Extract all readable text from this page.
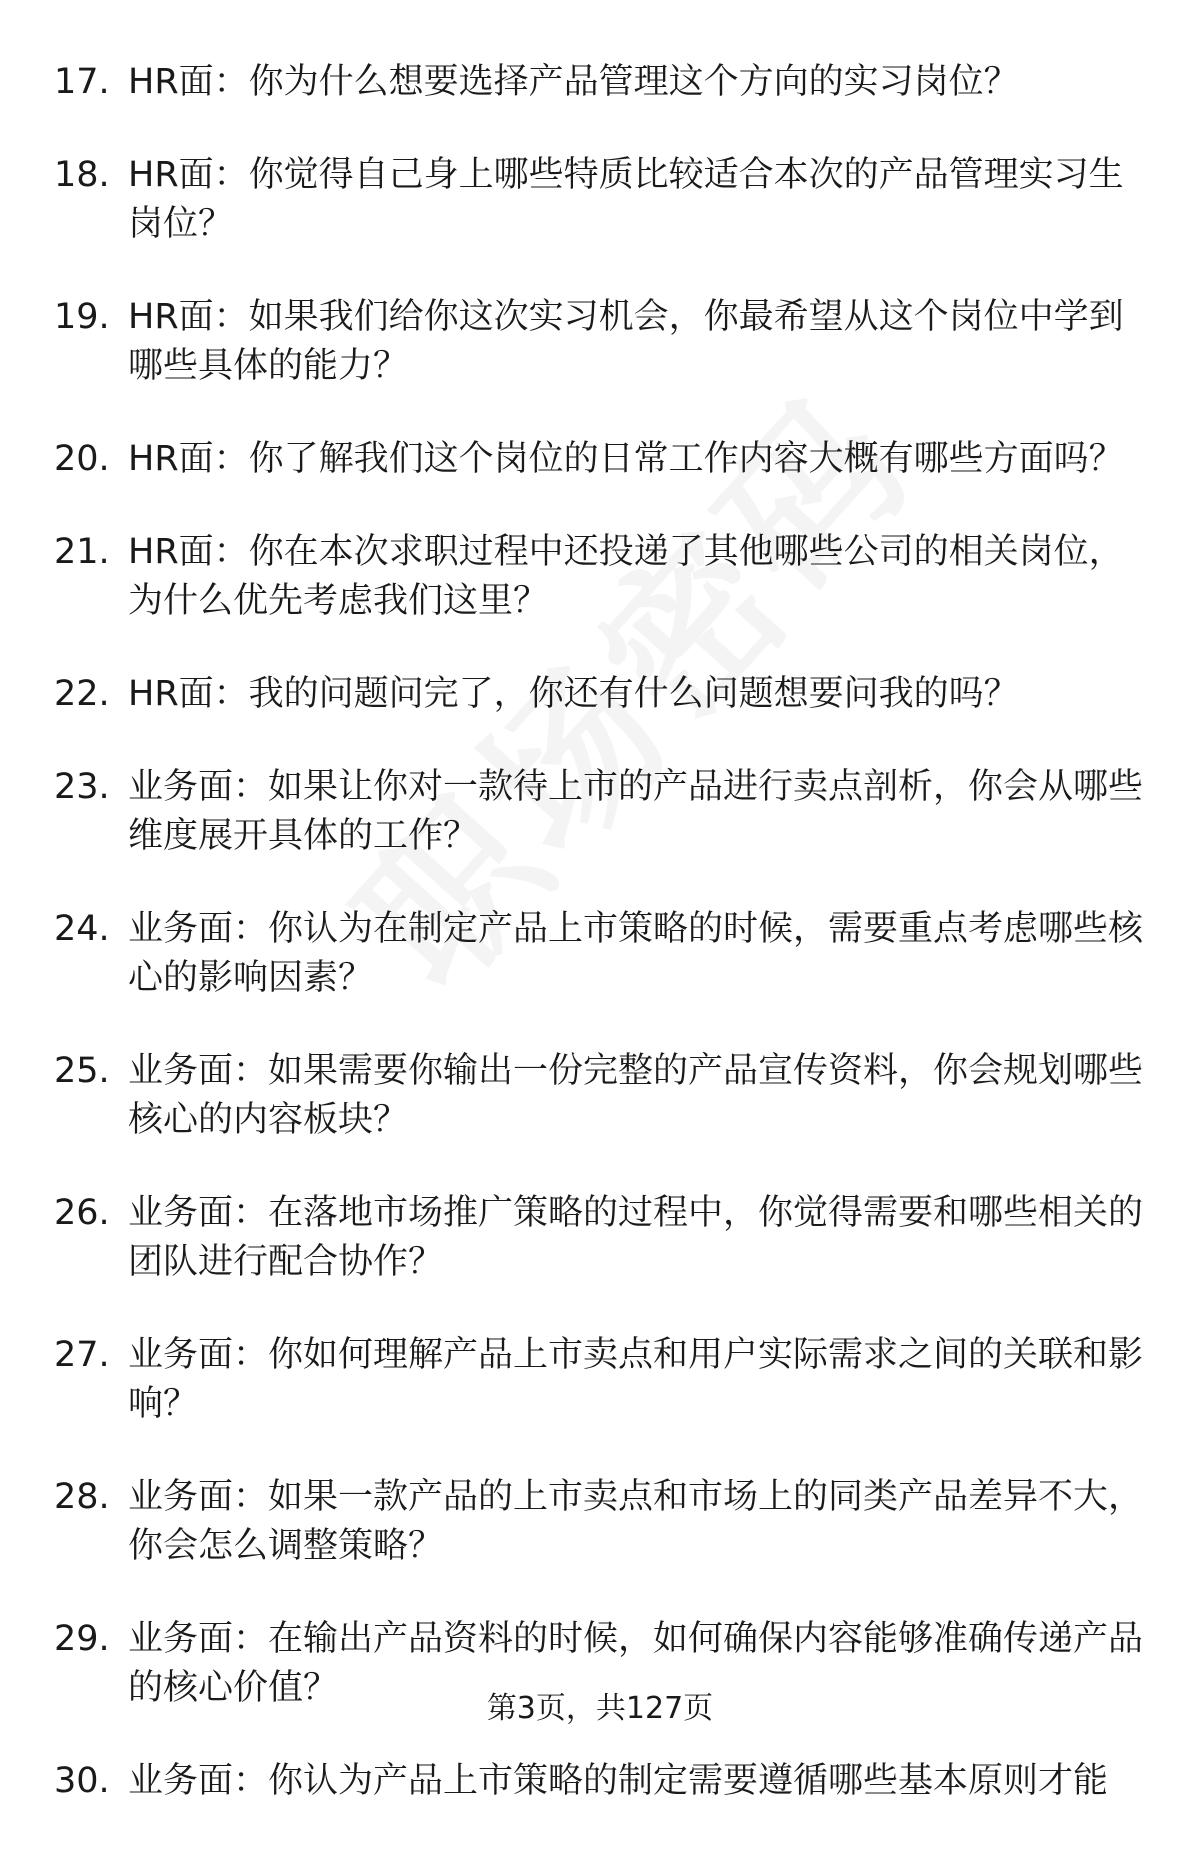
17. HR面：你为什么想要选择产品管理这个方向的实习岗位？
18. HR面：你觉得自己身上哪些特质比较适合本次的产品管理实习生岗位？
19. HR面：如果我们给你这次实习机会，你最希望从这个岗位中学到哪些具体的能力？
20. HR面：你了解我们这个岗位的日常工作内容大概有哪些方面吗？
21. HR面：你在本次求职过程中还投递了其他哪些公司的相关岗位，为什么优先考虑我们这里？
22. HR面：我的问题问完了，你还有什么问题想要问我的吗？
23. 业务面：如果让你对一款待上市的产品进行卖点剖析，你会从哪些维度展开具体的工作？
24. 业务面：你认为在制定产品上市策略的时候，需要重点考虑哪些核心的影响因素？
25. 业务面：如果需要你输出一份完整的产品宣传资料，你会规划哪些核心的内容板块？
26. 业务面：在落地市场推广策略的过程中，你觉得需要和哪些相关的团队进行配合协作？
27. 业务面：你如何理解产品上市卖点和用户实际需求之间的关联和影响？
28. 业务面：如果一款产品的上市卖点和市场上的同类产品差异不大，你会怎么调整策略？
29. 业务面：在输出产品资料的时候，如何确保内容能够准确传递产品的核心价值？
30. 业务面：你认为产品上市策略的制定需要遵循哪些基本原则才能
第3页，共127页
